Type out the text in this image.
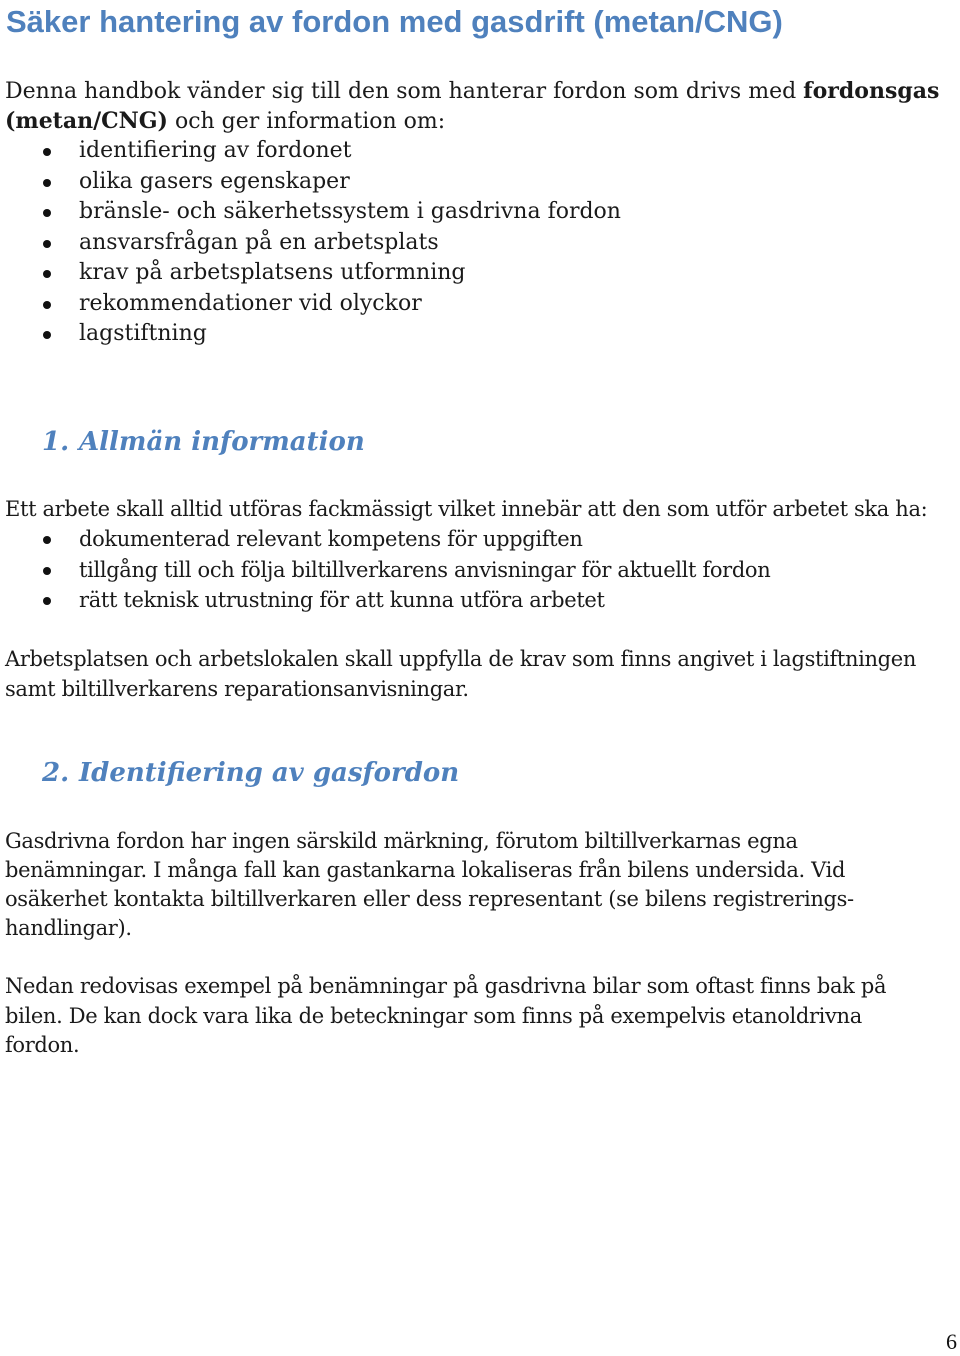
Säker hantering av fordon med gasdrift (metan/CNG)

Denna handbok vänder sig till den som hanterar fordon som drivs med fordonsgas

(metan/CNG) och ger information om:

identifiering av fordonet
olika gasers egenskaper
bränsle- och säkerhetssystem i gasdrivna fordon
ansvarsfrågan på en arbetsplats
krav på arbetsplatsens utformning
rekommendationer vid olyckor
lagstiftning
1. Allmän information

Ett arbete skall alltid utföras fackmässigt vilket innebär att den som utför arbetet ska ha:

dokumenterad relevant kompetens för uppgiften
tillgång till och följa biltillverkarens anvisningar för aktuellt fordon
rätt teknisk utrustning för att kunna utföra arbetet

Arbetsplatsen och arbetslokalen skall uppfylla de krav som finns angivet i lagstiftningen

samt biltillverkarens reparationsanvisningar.

2. Identifiering av gasfordon

Gasdrivna fordon har ingen särskild märkning, förutom biltillverkarnas egna

benämningar. I många fall kan gastankarna lokaliseras från bilens undersida. Vid

osäkerhet kontakta biltillverkaren eller dess representant (se bilens registrerings-

handlingar).

Nedan redovisas exempel på benämningar på gasdrivna bilar som oftast finns bak på

bilen. De kan dock vara lika de beteckningar som finns på exempelvis etanoldrivna

fordon.

6
